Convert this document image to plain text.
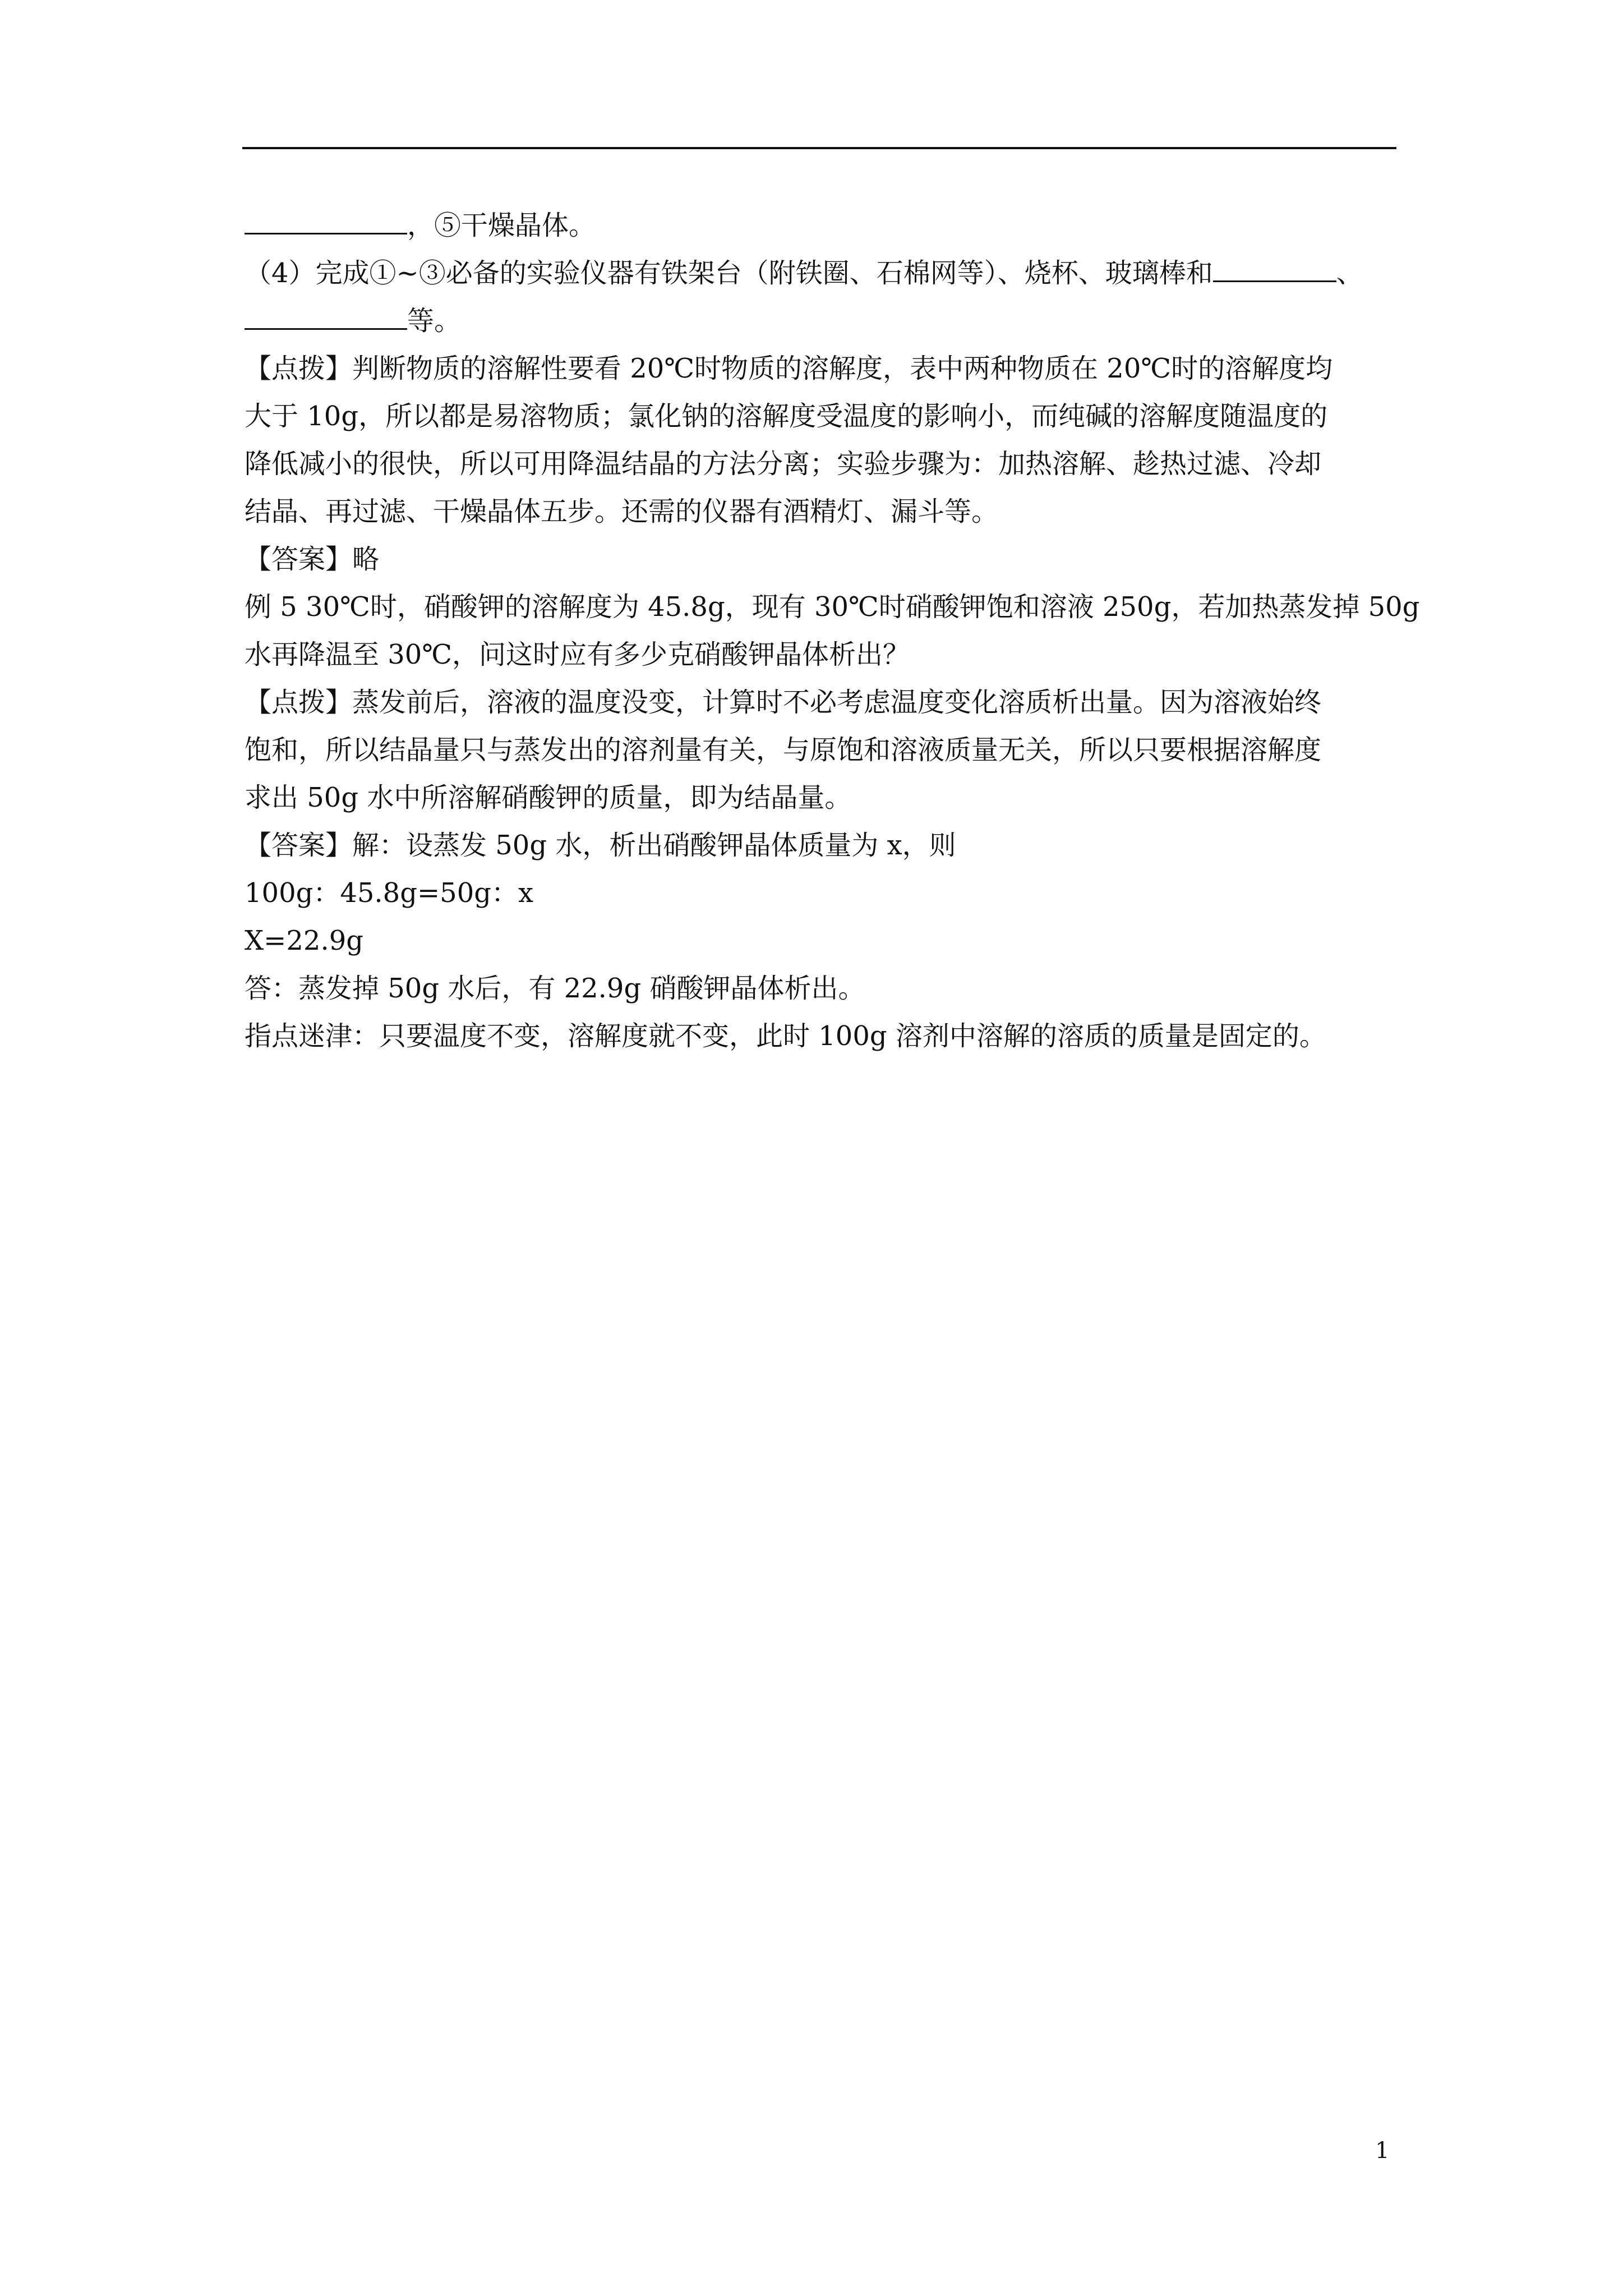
，⑤干燥晶体。
（4）完成①~③必备的实验仪器有铁架台（附铁圈、石棉网等）、烧杯、玻璃棒和	、
等。
【点拨】判断物质的溶解性要看 20℃时物质的溶解度，表中两种物质在 20℃时的溶解度均
大于 10g，所以都是易溶物质；氯化钠的溶解度受温度的影响小，而纯碱的溶解度随温度的
降低减小的很快，所以可用降温结晶的方法分离；实验步骤为：加热溶解、趁热过滤、冷却
结晶、再过滤、干燥晶体五步。还需的仪器有酒精灯、漏斗等。
【答案】略
例 5 30℃时，硝酸钾的溶解度为 45.8g，现有 30℃时硝酸钾饱和溶液 250g，若加热蒸发掉 50g
水再降温至 30℃，问这时应有多少克硝酸钾晶体析出？
【点拨】蒸发前后，溶液的温度没变，计算时不必考虑温度变化溶质析出量。因为溶液始终
饱和，所以结晶量只与蒸发出的溶剂量有关，与原饱和溶液质量无关，所以只要根据溶解度
求出 50g 水中所溶解硝酸钾的质量，即为结晶量。
【答案】解：设蒸发 50g 水，析出硝酸钾晶体质量为 x，则
100g：45.8g=50g：x
X=22.9g
答：蒸发掉 50g 水后，有 22.9g 硝酸钾晶体析出。
指点迷津：只要温度不变，溶解度就不变，此时 100g 溶剂中溶解的溶质的质量是固定的。
1
